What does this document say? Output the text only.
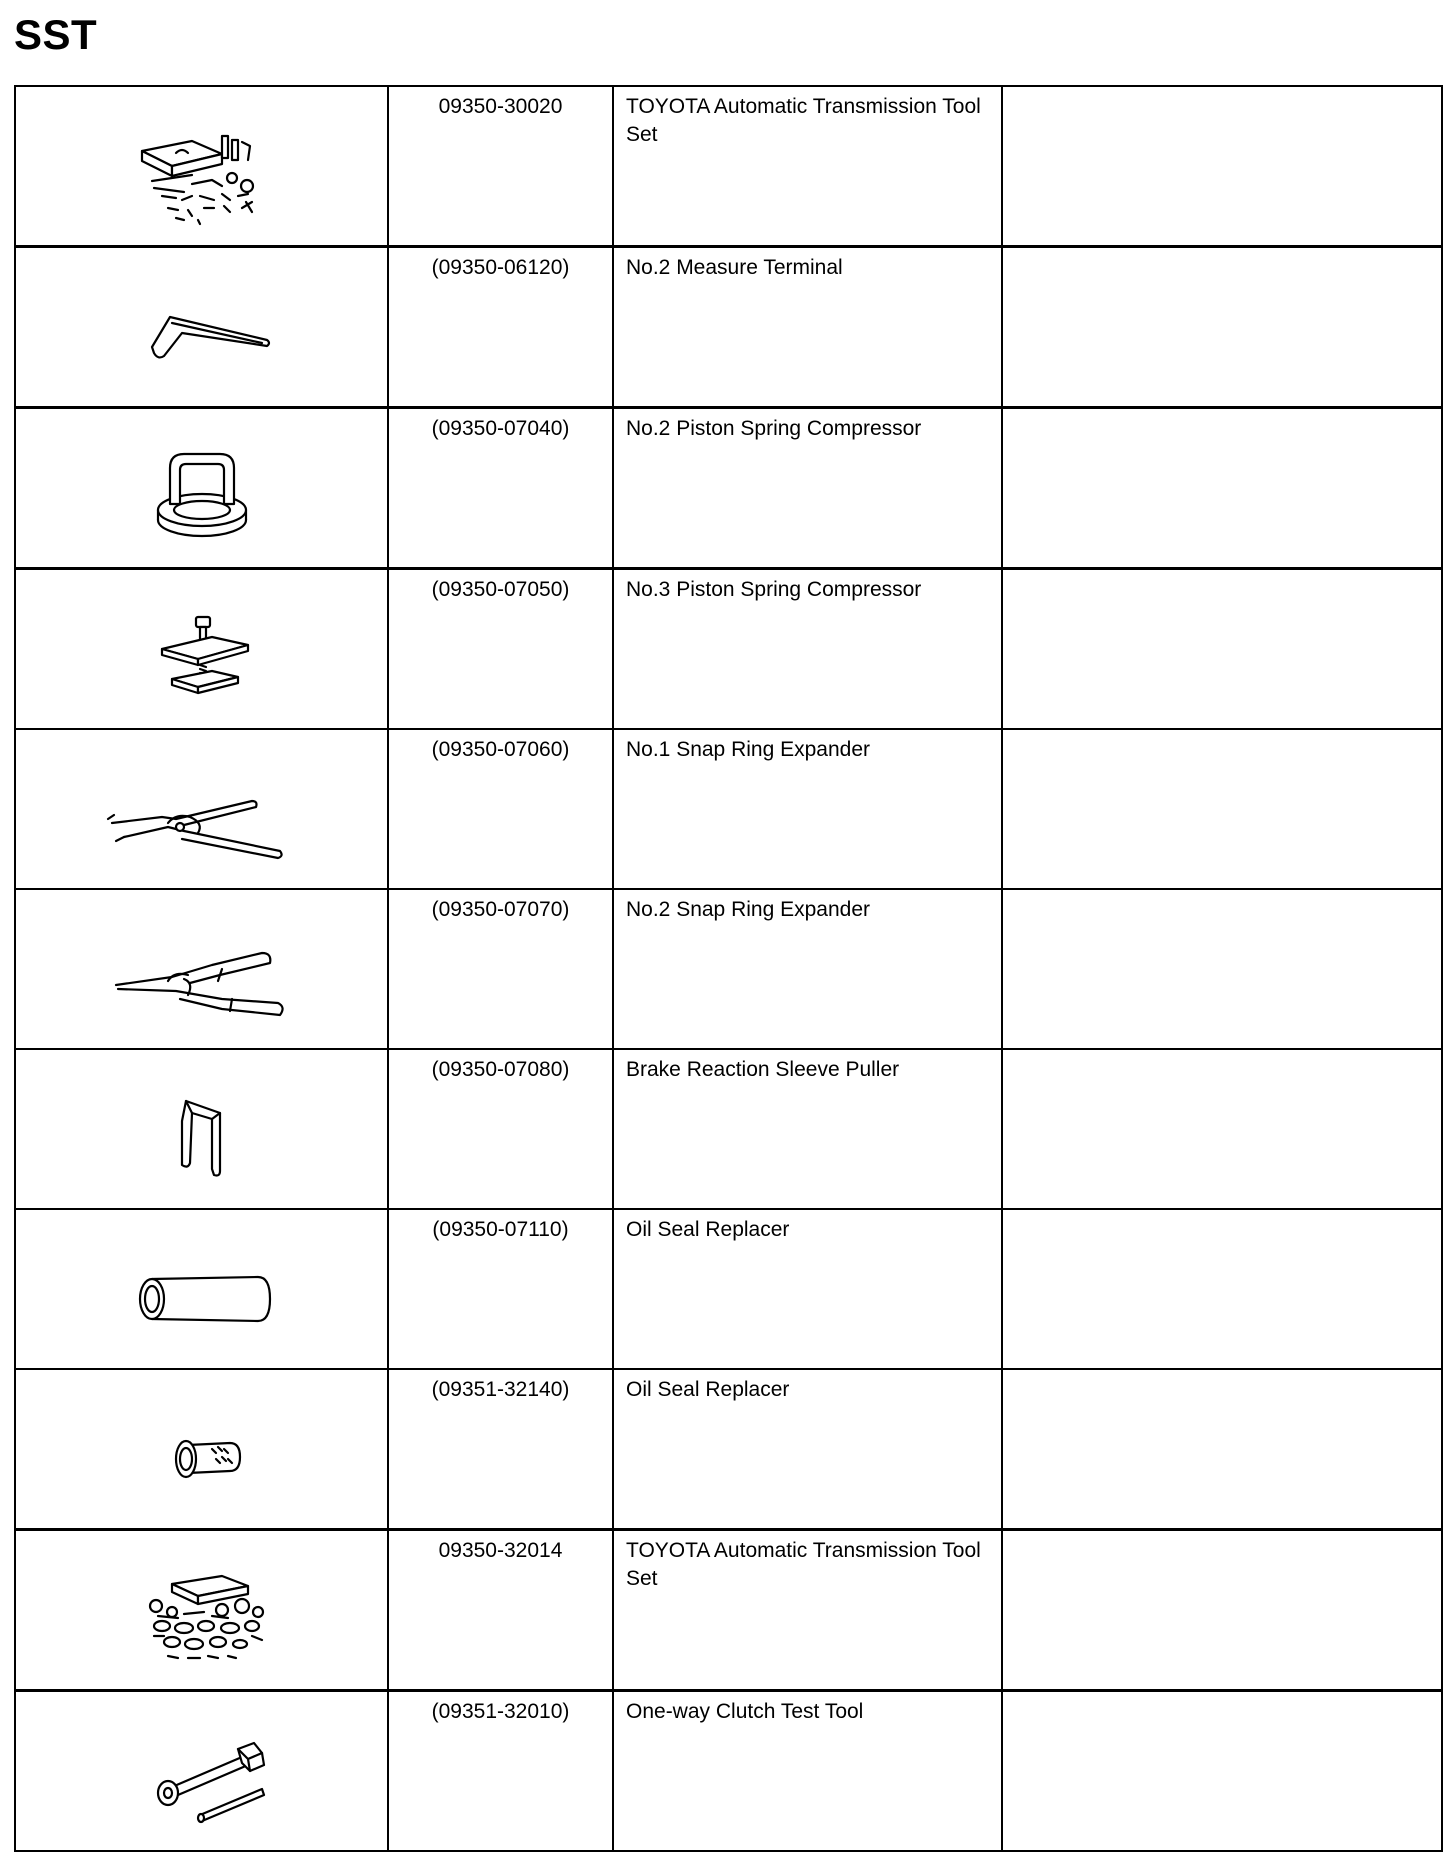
SST

09350-30020	TOYOTA Automatic Transmission Tool Set	

(09350-06120)	No.2 Measure Terminal	

(09350-07040)	No.2 Piston Spring Compressor	

(09350-07050)	No.3 Piston Spring Compressor	

(09350-07060)	No.1 Snap Ring Expander	

(09350-07070)	No.2 Snap Ring Expander	

(09350-07080)	Brake Reaction Sleeve Puller	

(09350-07110)	Oil Seal Replacer	

(09351-32140)	Oil Seal Replacer	

09350-32014	TOYOTA Automatic Transmission Tool Set	

(09351-32010)	One-way Clutch Test Tool	
